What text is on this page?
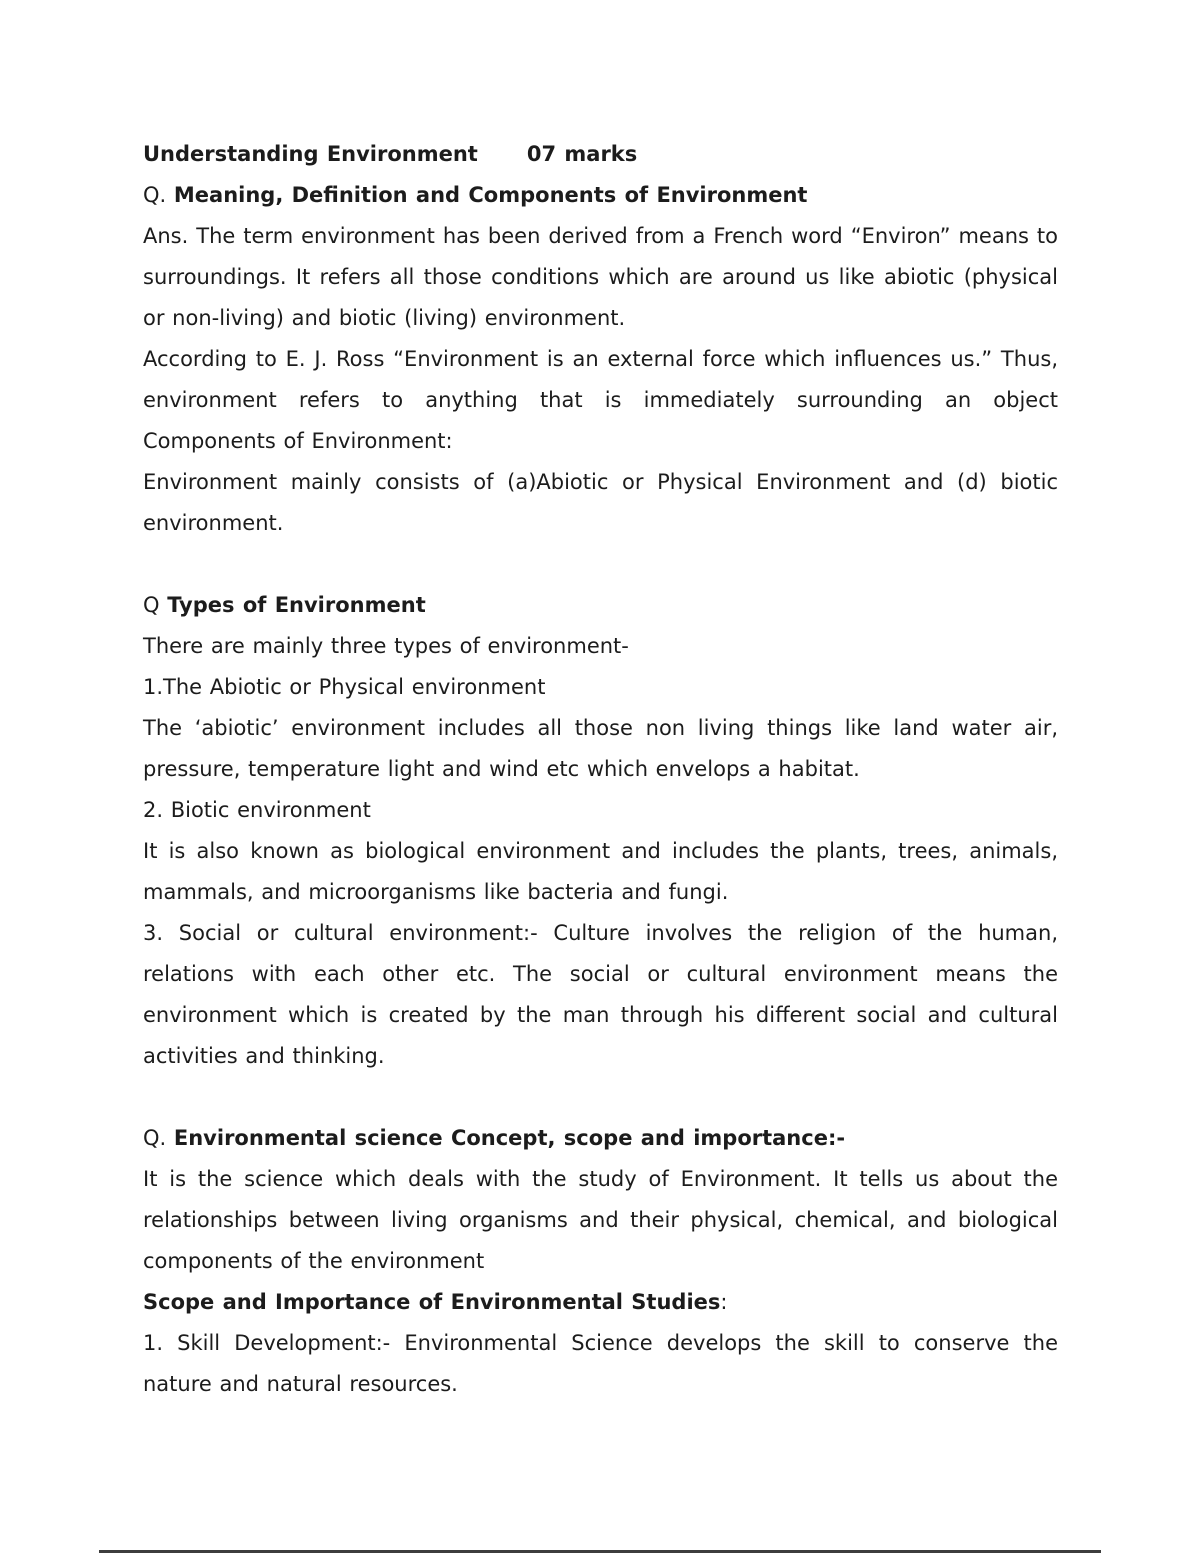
Understanding Environment 07 marks

Q. Meaning, Definition and Components of Environment

Ans. The term environment has been derived from a French word “Environ” means to surroundings. It refers all those conditions which are around us like abiotic (physical or non-living) and biotic (living) environment.

According to E. J. Ross “Environment is an external force which influences us.” Thus, environment refers to anything that is immediately surrounding an object Components of Environment:

Environment mainly consists of (a)Abiotic or Physical Environment and (d) biotic environment.

Q Types of Environment

There are mainly three types of environment-

1.The Abiotic or Physical environment

The ‘abiotic’ environment includes all those non living things like land water air, pressure, temperature light and wind etc which envelops a habitat.

2. Biotic environment

It is also known as biological environment and includes the plants, trees, animals, mammals, and microorganisms like bacteria and fungi.

3. Social or cultural environment:- Culture involves the religion of the human, relations with each other etc. The social or cultural environment means the environment which is created by the man through his different social and cultural activities and thinking.

Q. Environmental science Concept, scope and importance:-

It is the science which deals with the study of Environment. It tells us about the relationships between living organisms and their physical, chemical, and biological components of the environment

Scope and Importance of Environmental Studies:

1. Skill Development:- Environmental Science develops the skill to conserve the nature and natural resources.
